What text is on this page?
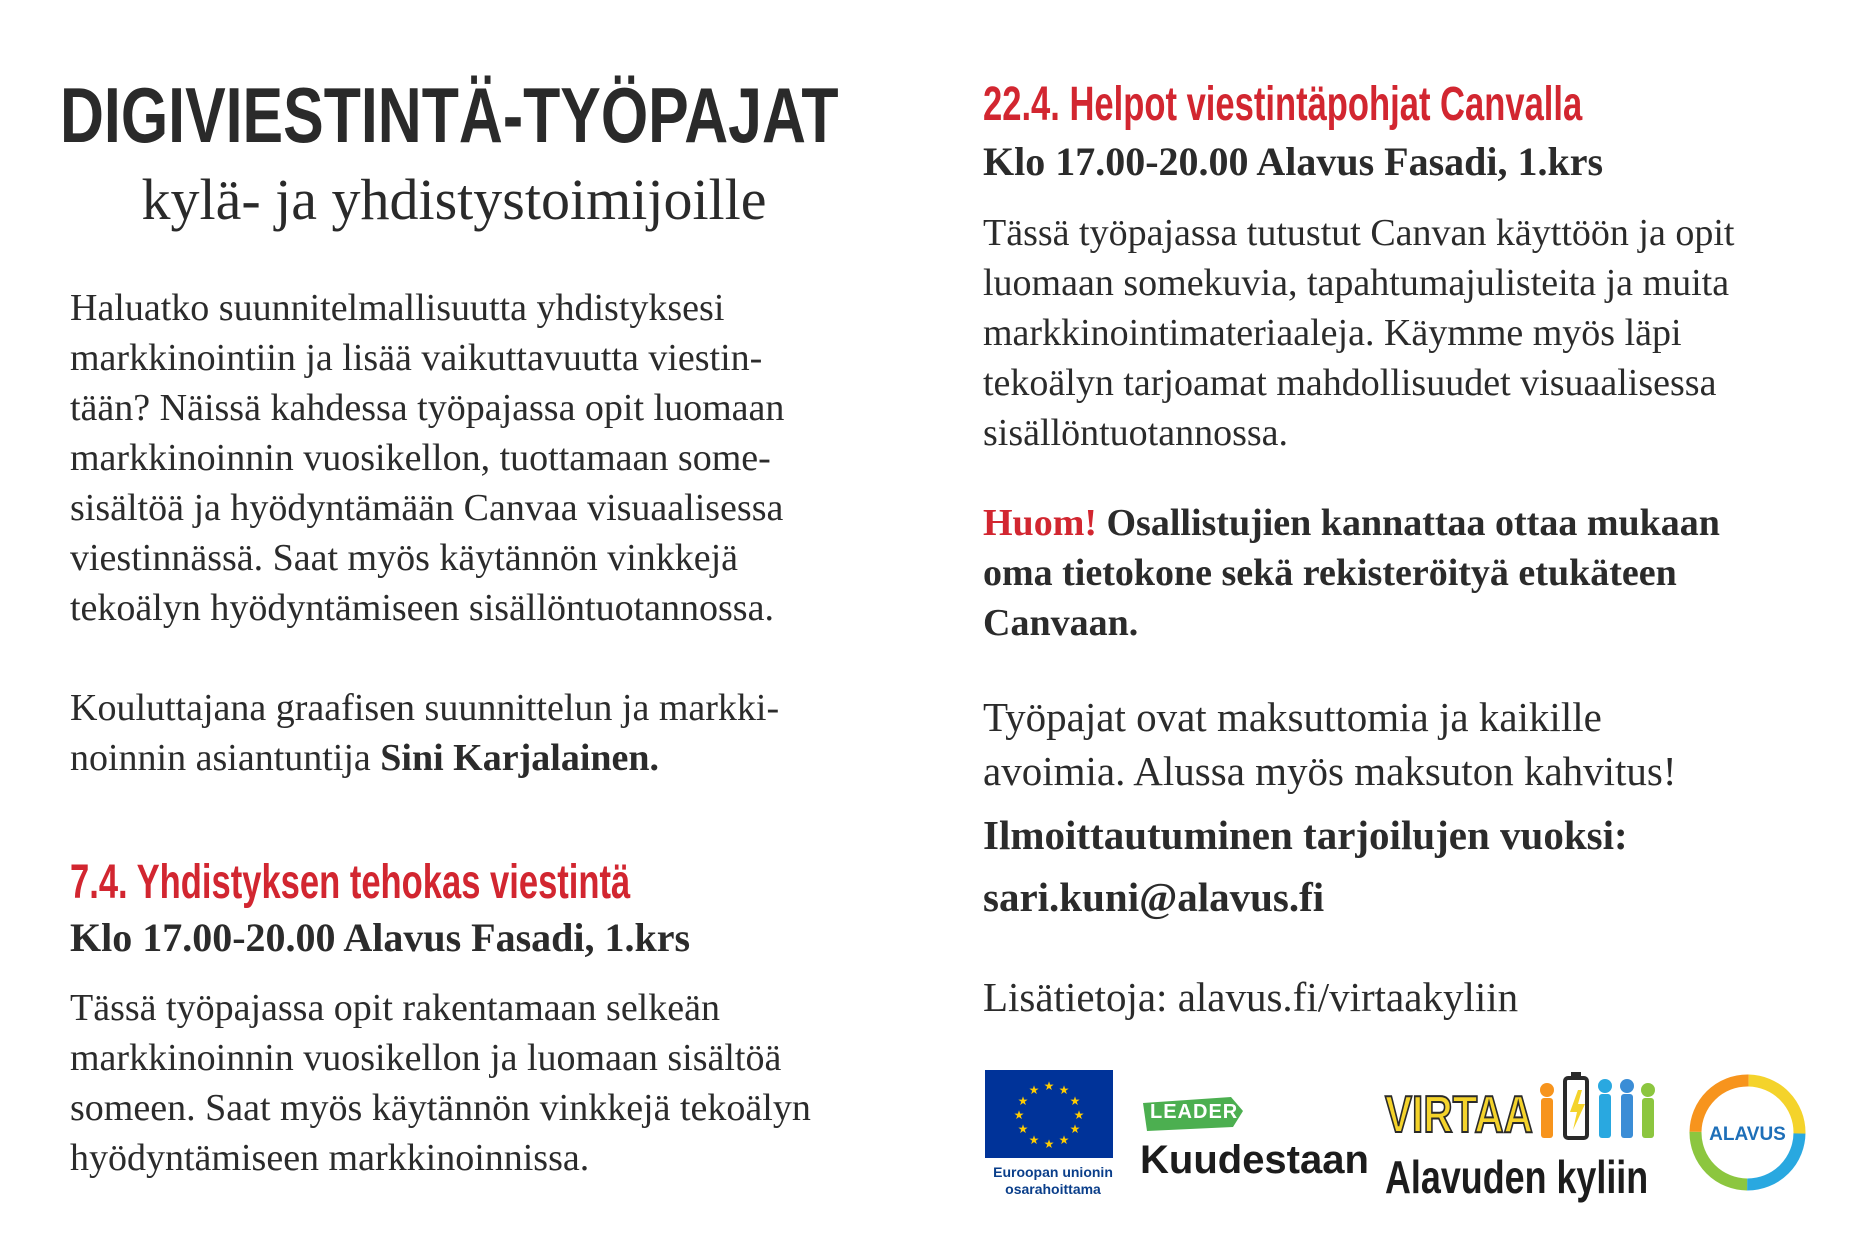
DIGIVIESTINTÄ-TYÖPAJAT
kylä- ja yhdistystoimijoille
Haluatko suunnitelmallisuutta yhdistyksesi
markkinointiin ja lisää vaikuttavuutta viestin-
tään? Näissä kahdessa työpajassa opit luomaan
markkinoinnin vuosikellon, tuottamaan some-
sisältöä ja hyödyntämään Canvaa visuaalisessa
viestinnässä. Saat myös käytännön vinkkejä
tekoälyn hyödyntämiseen sisällöntuotannossa.
Kouluttajana graafisen suunnittelun ja markki-
noinnin asiantuntija Sini Karjalainen.
7.4. Yhdistyksen tehokas viestintä
Klo 17.00-20.00 Alavus Fasadi, 1.krs
Tässä työpajassa opit rakentamaan selkeän
markkinoinnin vuosikellon ja luomaan sisältöä
someen. Saat myös käytännön vinkkejä tekoälyn
hyödyntämiseen markkinoinnissa.
22.4. Helpot viestintäpohjat Canvalla
Klo 17.00-20.00 Alavus Fasadi, 1.krs
Tässä työpajassa tutustut Canvan käyttöön ja opit
luomaan somekuvia, tapahtumajulisteita ja muita
markkinointimateriaaleja. Käymme myös läpi
tekoälyn tarjoamat mahdollisuudet visuaalisessa
sisällöntuotannossa.
Huom! Osallistujien kannattaa ottaa mukaan
oma tietokone sekä rekisteröityä etukäteen
Canvaan.
Työpajat ovat maksuttomia ja kaikille
avoimia. Alussa myös maksuton kahvitus!
Ilmoittautuminen tarjoilujen vuoksi:
sari.kuni@alavus.fi
Lisätietoja: alavus.fi/virtaakyliin
★ ★
★
★
★
★
★
★
★
★
★
★
Euroopan unionin
osarahoittama
LEADER
Kuudestaan
VIRTAA
Alavuden kyliin
ALAVUS
